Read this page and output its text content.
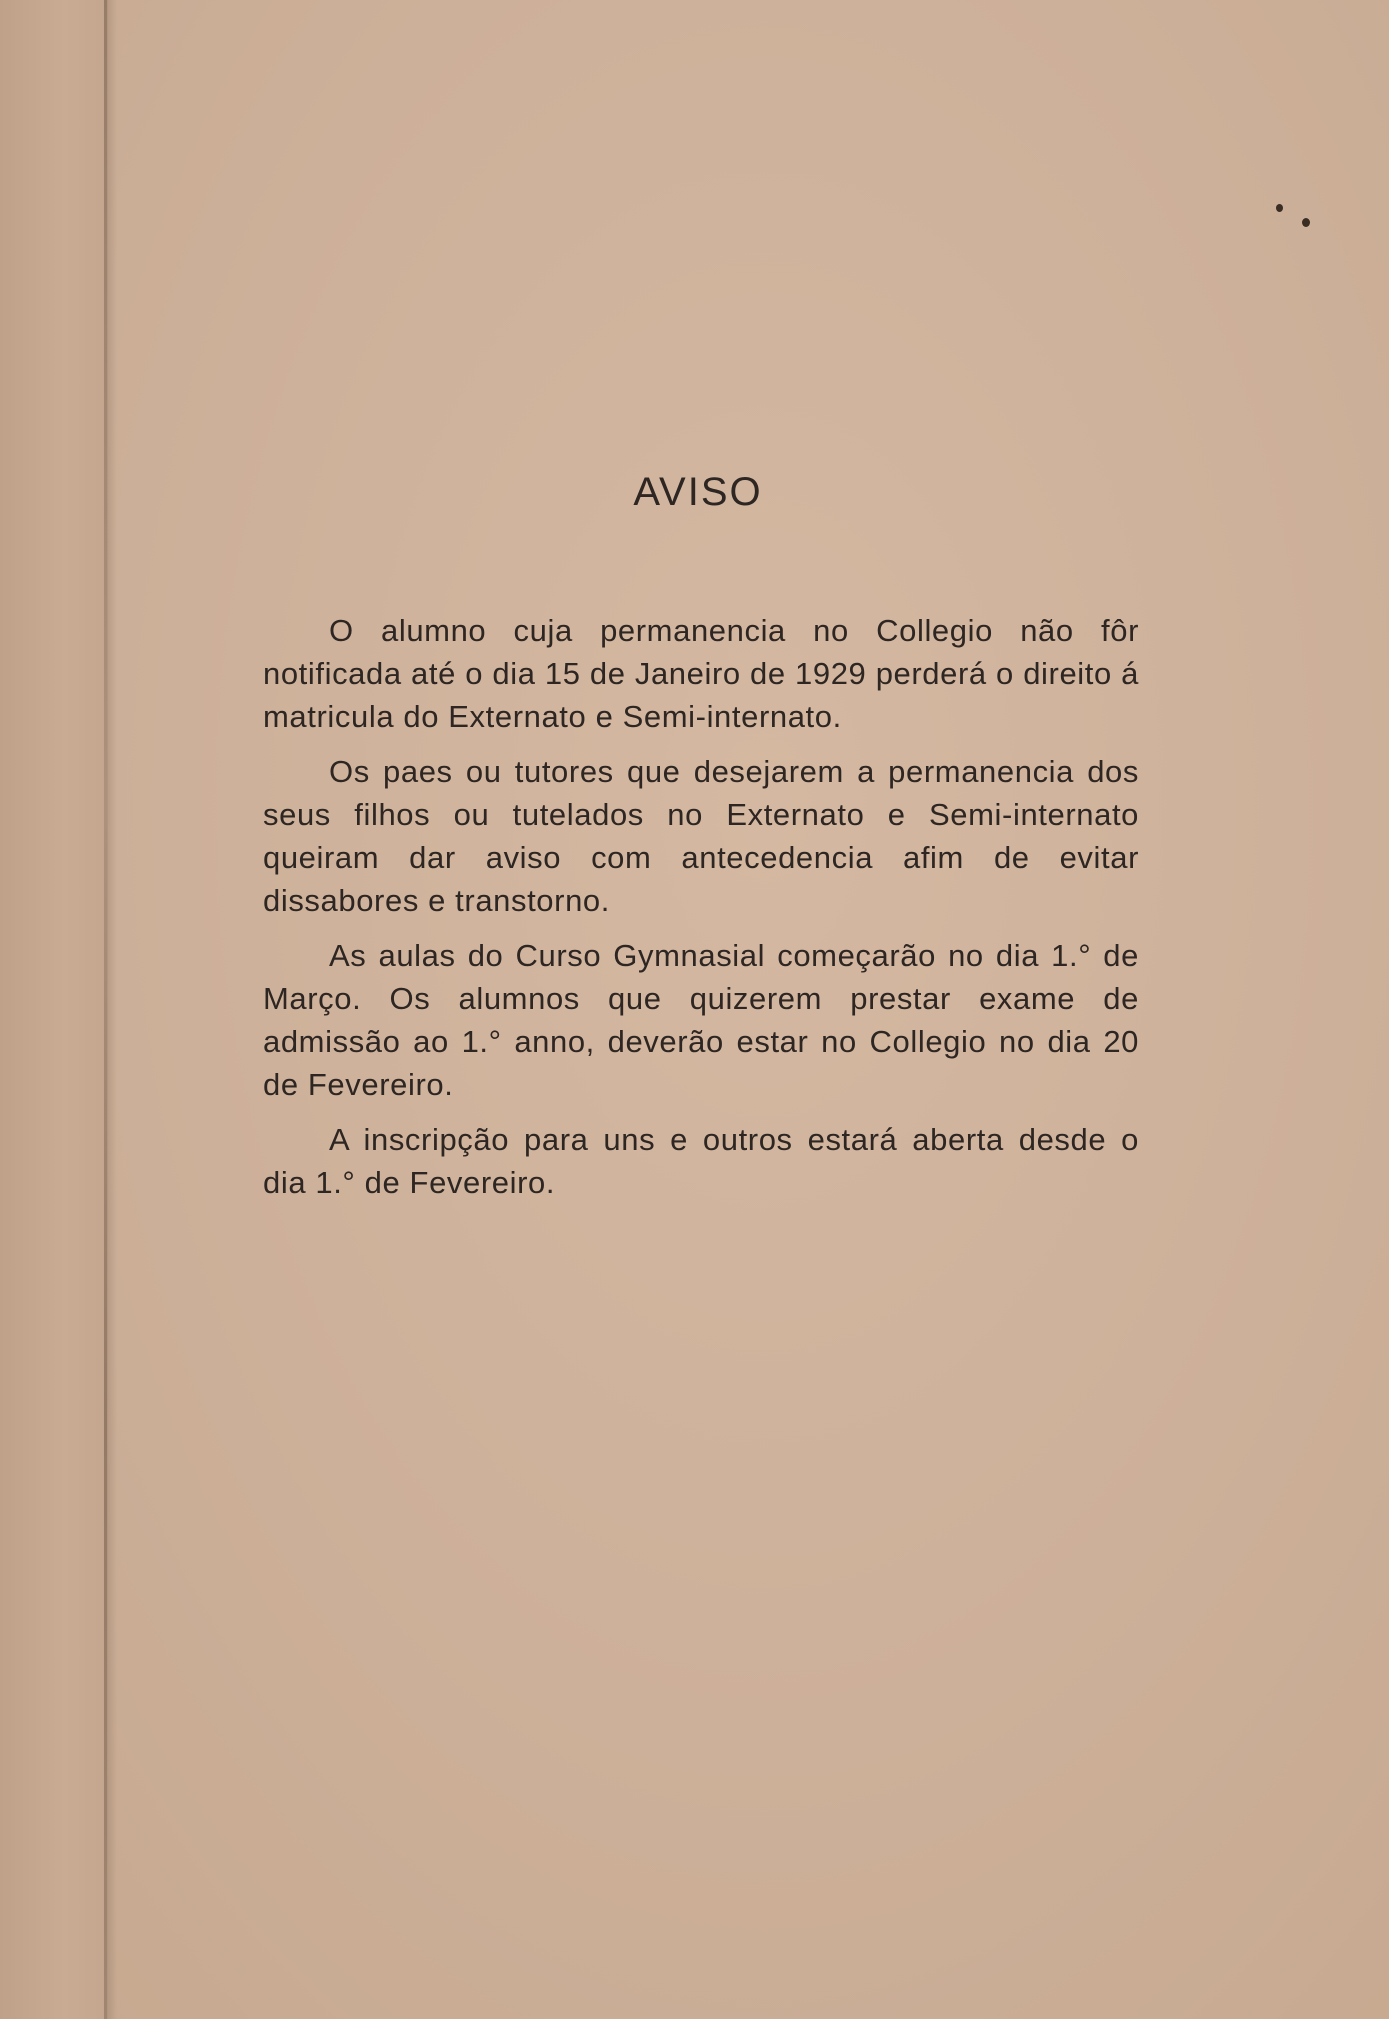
AVISO

O alumno cuja permanencia no Collegio não fôr notificada até o dia 15 de Janeiro de 1929 perderá o direito á matricula do Externato e Semi-internato.

Os paes ou tutores que desejarem a permanencia dos seus filhos ou tutelados no Externato e Semi-internato queiram dar aviso com antecedencia afim de evitar dissabores e transtorno.

As aulas do Curso Gymnasial começarão no dia 1.° de Março. Os alumnos que quizerem prestar exame de admissão ao 1.° anno, deverão estar no Collegio no dia 20 de Fevereiro.

A inscripção para uns e outros estará aberta desde o dia 1.° de Fevereiro.
